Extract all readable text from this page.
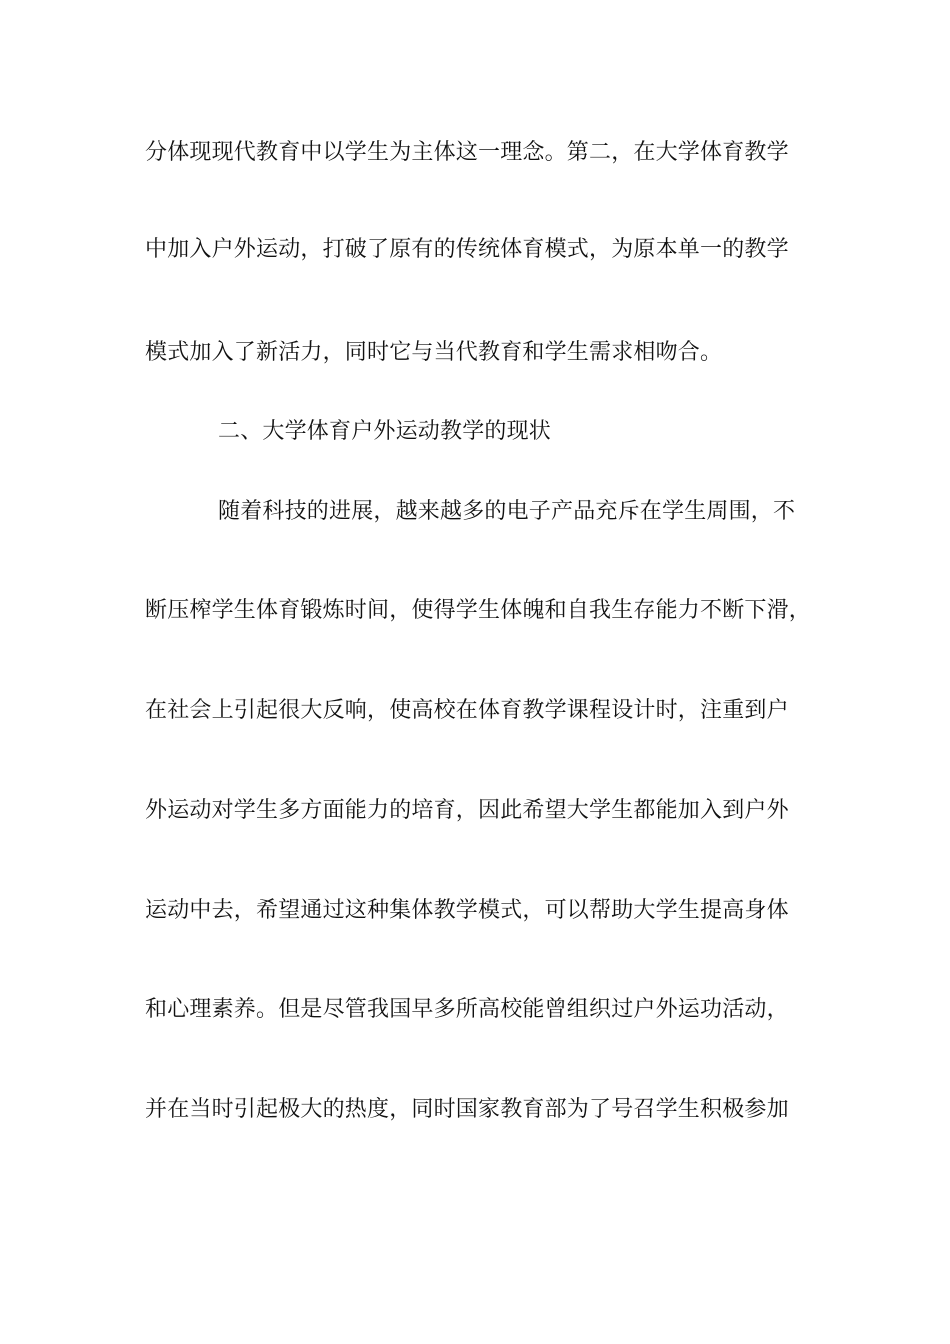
分体现现代教育中以学生为主体这一理念。第二，在大学体育教学
中加入户外运动，打破了原有的传统体育模式，为原本单一的教学
模式加入了新活力，同时它与当代教育和学生需求相吻合。
二、大学体育户外运动教学的现状
随着科技的进展，越来越多的电子产品充斥在学生周围，不
断压榨学生体育锻炼时间，使得学生体魄和自我生存能力不断下滑，
在社会上引起很大反响，使高校在体育教学课程设计时，注重到户
外运动对学生多方面能力的培育，因此希望大学生都能加入到户外
运动中去，希望通过这种集体教学模式，可以帮助大学生提高身体
和心理素养。但是尽管我国早多所高校能曾组织过户外运功活动，
并在当时引起极大的热度，同时国家教育部为了号召学生积极参加
